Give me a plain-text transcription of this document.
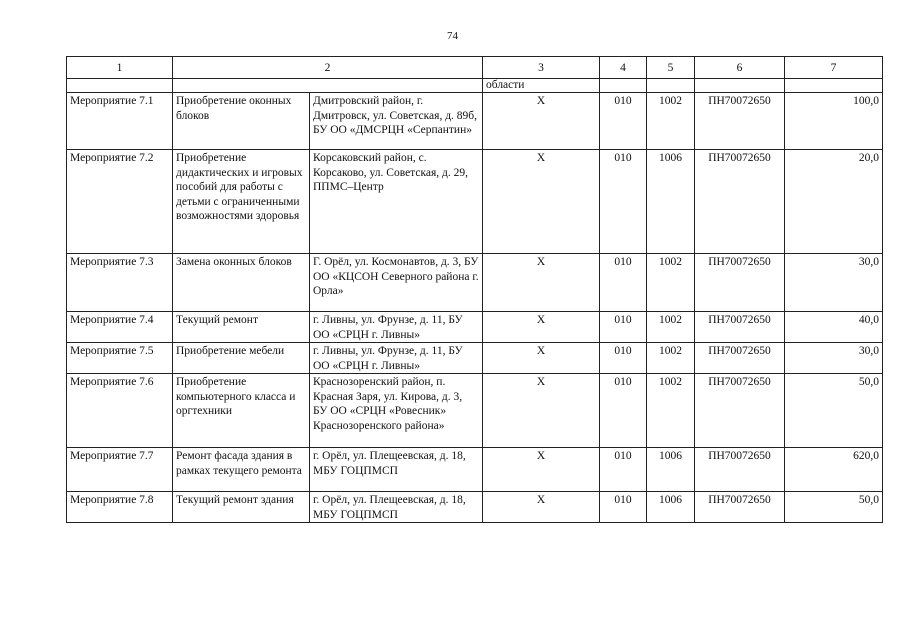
74
1	2		3	4	5	6	7
			области				
Мероприятие 7.1	Приобретение оконных блоков	Дмитровский район, г. Дмитровск, ул. Советская, д. 89б, БУ ОО «ДМСРЦН «Серпантин»	Х	010	1002	ПН70072650	100,0
Мероприятие 7.2	Приобретение дидактических и игровых пособий для работы с детьми с ограниченными возможностями здоровья	Корсаковский район, с. Корсаково, ул. Советская, д. 29, ППМС–Центр	Х	010	1006	ПН70072650	20,0
Мероприятие 7.3	Замена оконных блоков	Г. Орёл, ул. Космонавтов, д. 3, БУ ОО «КЦСОН Северного района г. Орла»	Х	010	1002	ПН70072650	30,0
Мероприятие 7.4	Текущий ремонт	г. Ливны, ул. Фрунзе, д. 11, БУ ОО «СРЦН г. Ливны»	Х	010	1002	ПН70072650	40,0
Мероприятие 7.5	Приобретение мебели	г. Ливны, ул. Фрунзе, д. 11, БУ ОО «СРЦН г. Ливны»	Х	010	1002	ПН70072650	30,0
Мероприятие 7.6	Приобретение компьютерного класса и оргтехники	Краснозоренский район, п. Красная Заря, ул. Кирова, д. 3, БУ ОО «СРЦН «Ровесник» Краснозоренского района»	Х	010	1002	ПН70072650	50,0
Мероприятие 7.7	Ремонт фасада здания в рамках текущего ремонта	г. Орёл, ул. Плещеевская, д. 18, МБУ ГОЦПМСП	Х	010	1006	ПН70072650	620,0
Мероприятие 7.8	Текущий ремонт здания	г. Орёл, ул. Плещеевская, д. 18, МБУ ГОЦПМСП	Х	010	1006	ПН70072650	50,0
